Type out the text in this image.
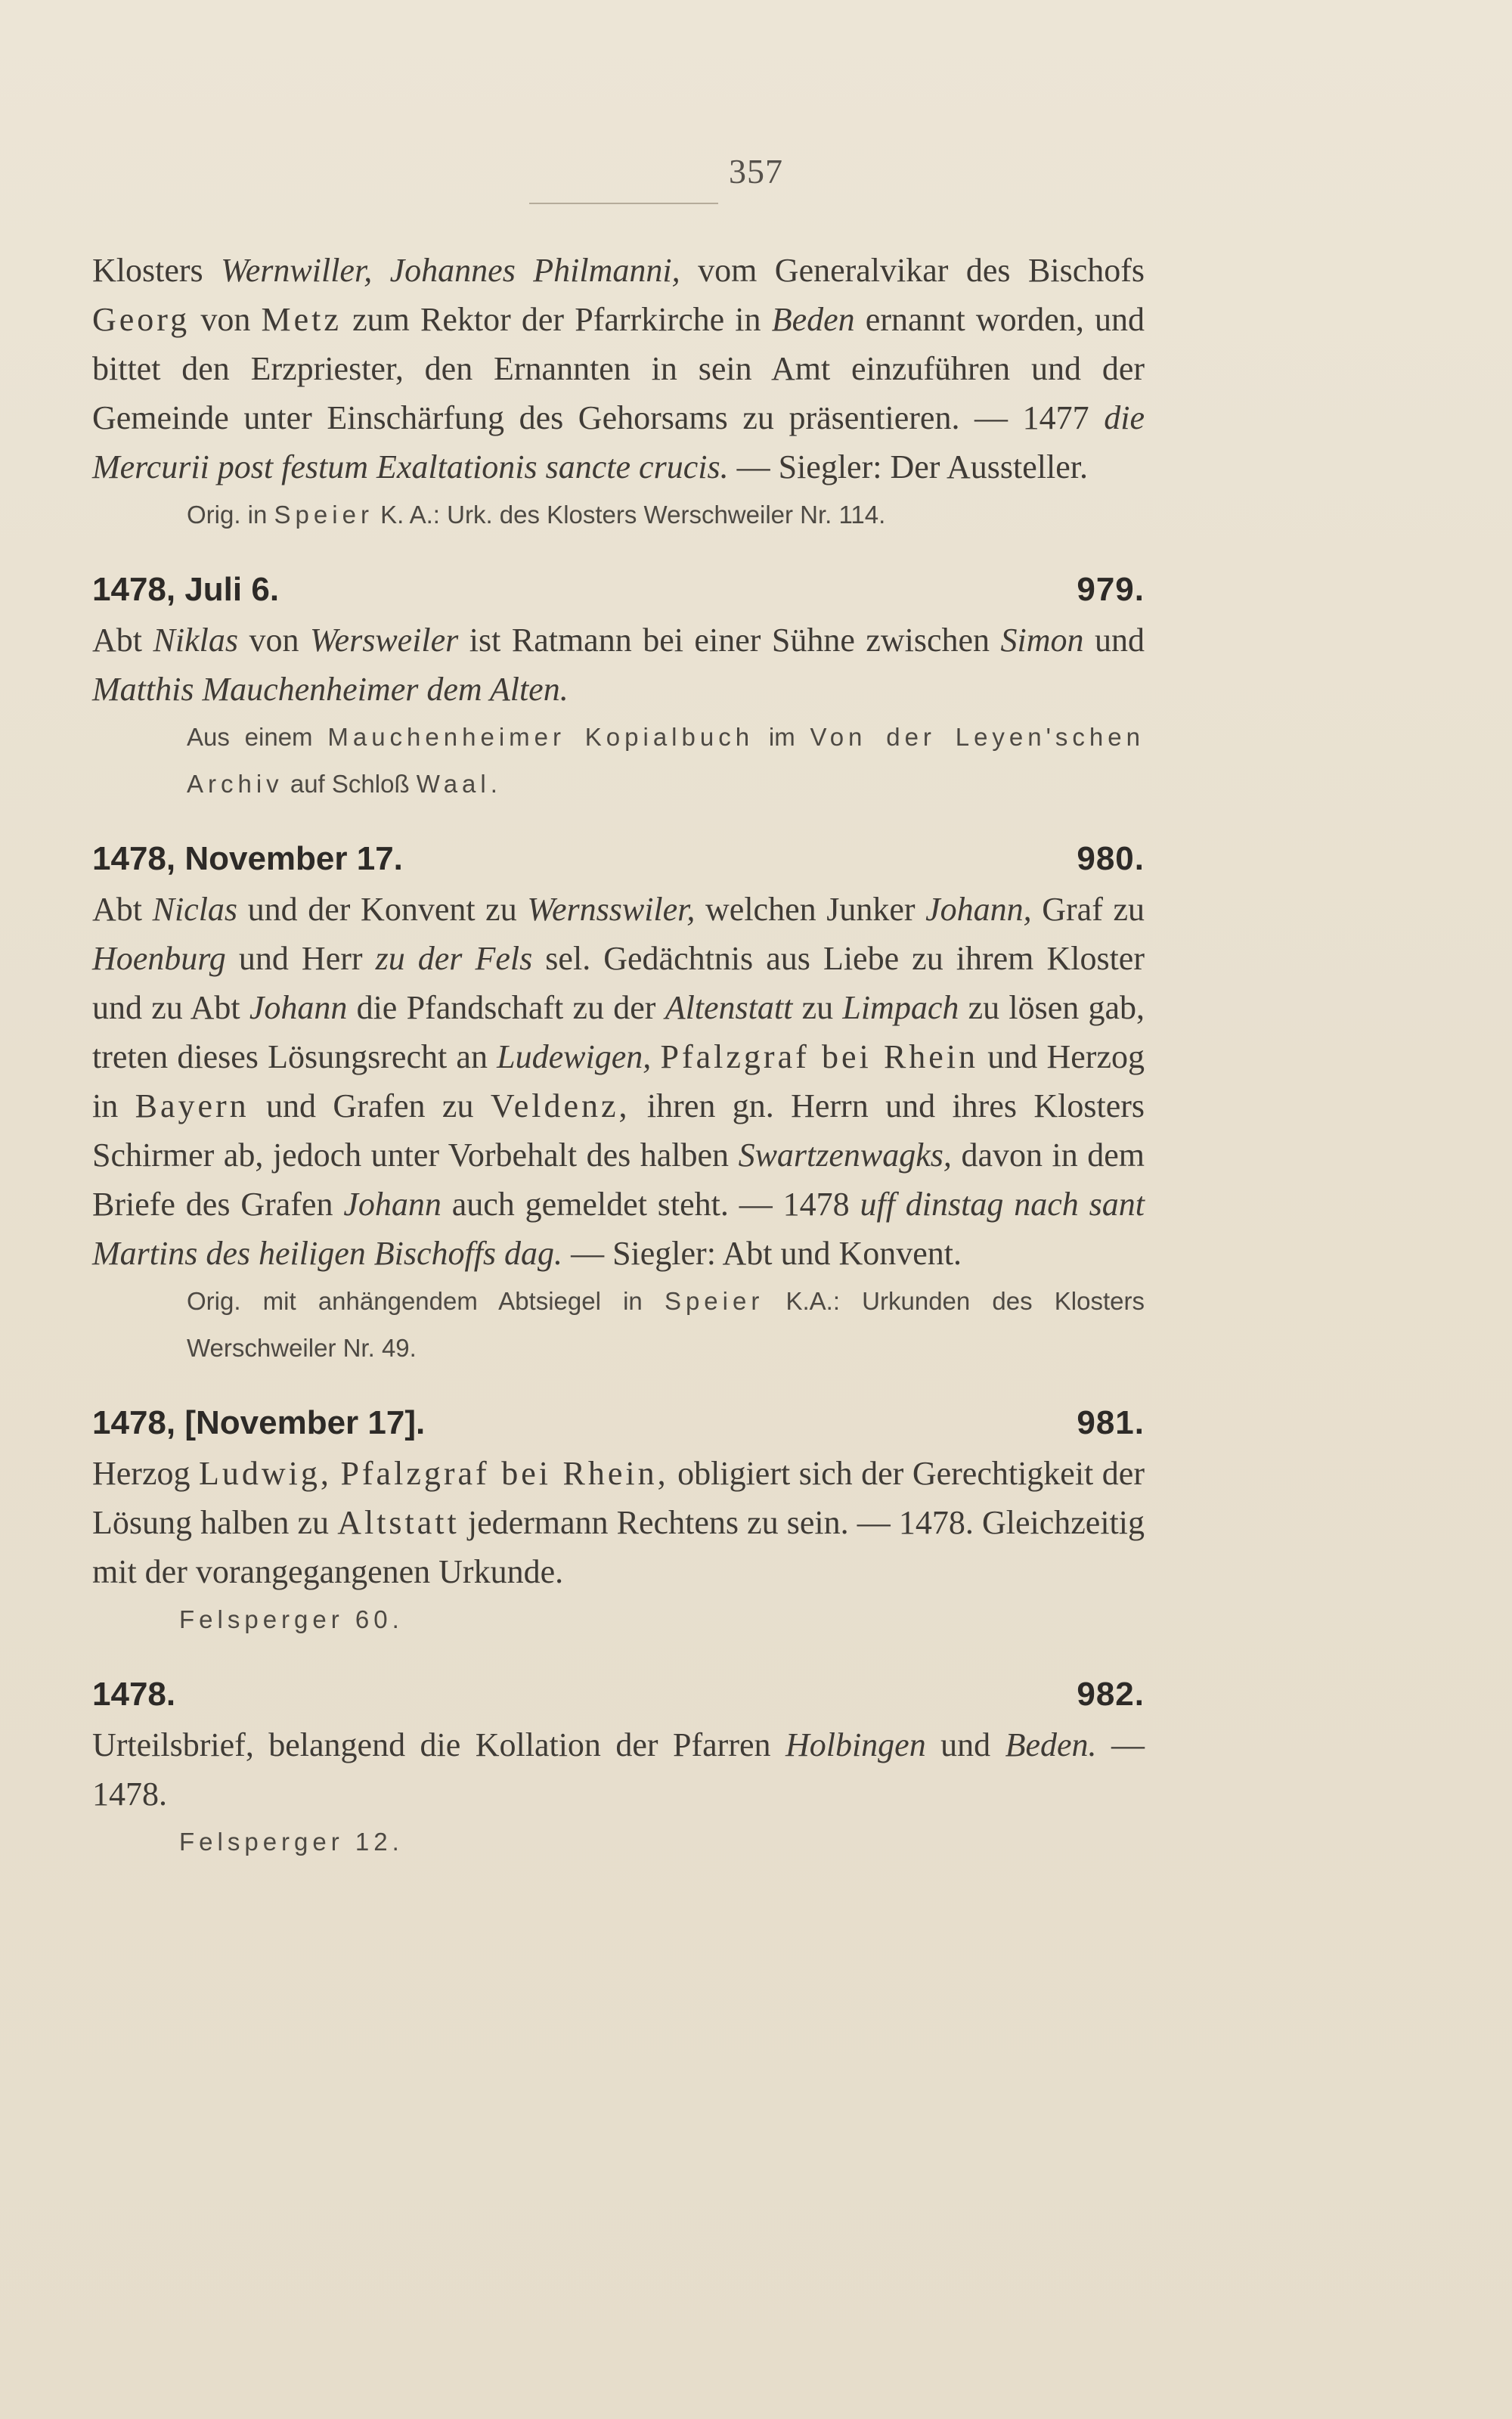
357

Klosters Wernwiller, Johannes Philmanni, vom Generalvikar des Bischofs Georg von Metz zum Rektor der Pfarrkirche in Beden ernannt worden, und bittet den Erzpriester, den Ernannten in sein Amt einzuführen und der Gemeinde unter Einschärfung des Gehorsams zu präsentieren. — 1477 die Mercurii post festum Exaltationis sancte crucis. — Siegler: Der Aussteller.

Orig. in Speier K. A.: Urk. des Klosters Werschweiler Nr. 114.

1478, Juli 6.	979.

Abt Niklas von Wersweiler ist Ratmann bei einer Sühne zwischen Simon und Matthis Mauchenheimer dem Alten.

Aus einem Mauchenheimer Kopialbuch im Von der Leyen'schen Archiv auf Schloß Waal.

1478, November 17.	980.

Abt Niclas und der Konvent zu Wernsswiler, welchen Junker Johann, Graf zu Hoenburg und Herr zu der Fels sel. Gedächtnis aus Liebe zu ihrem Kloster und zu Abt Johann die Pfandschaft zu der Altenstatt zu Limpach zu lösen gab, treten dieses Lösungsrecht an Ludewigen, Pfalzgraf bei Rhein und Herzog in Bayern und Grafen zu Veldenz, ihren gn. Herrn und ihres Klosters Schirmer ab, jedoch unter Vorbehalt des halben Swartzenwagks, davon in dem Briefe des Grafen Johann auch gemeldet steht. — 1478 uff dinstag nach sant Martins des heiligen Bischoffs dag. — Siegler: Abt und Konvent.

Orig. mit anhängendem Abtsiegel in Speier K.A.: Urkunden des Klosters Werschweiler Nr. 49.

1478, [November 17].	981.

Herzog Ludwig, Pfalzgraf bei Rhein, obligiert sich der Gerechtigkeit der Lösung halben zu Altstatt jedermann Rechtens zu sein. — 1478. Gleichzeitig mit der vorangegangenen Urkunde.

Felsperger 60.

1478.	982.

Urteilsbrief, belangend die Kollation der Pfarren Holbingen und Beden. — 1478.

Felsperger 12.
